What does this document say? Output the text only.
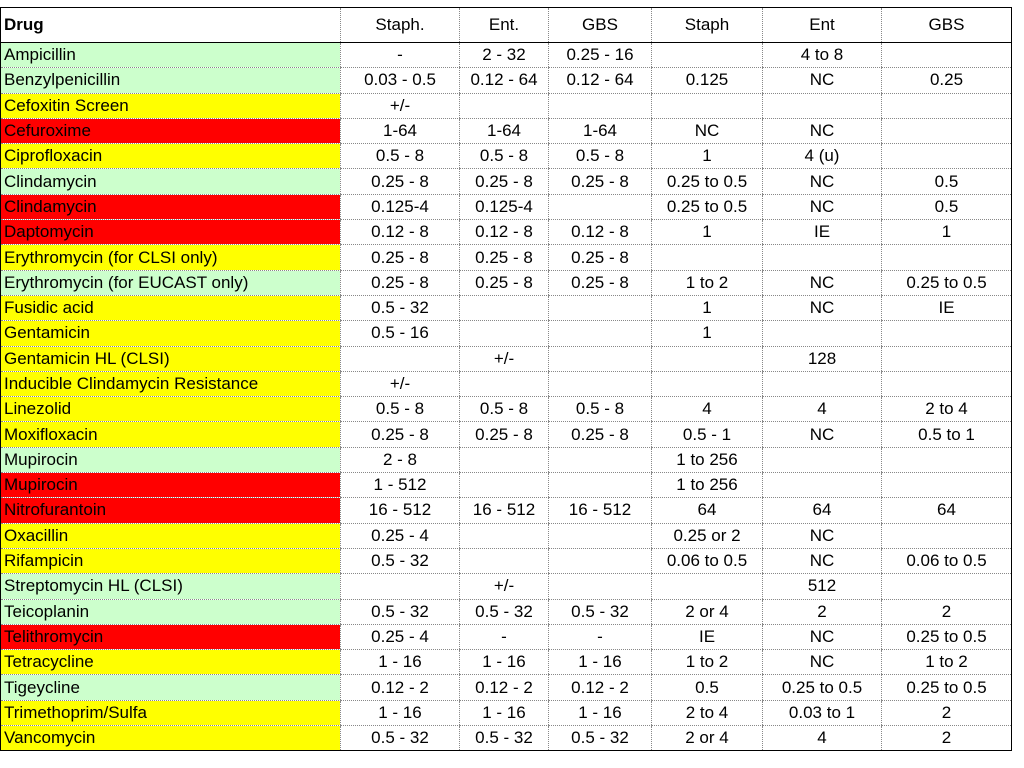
Drug	Staph.	Ent.	GBS	Staph	Ent	GBS
Ampicillin	-	2 - 32	0.25 - 16		4 to 8	
Benzylpenicillin	0.03 - 0.5	0.12 - 64	0.12 - 64	0.125	NC	0.25
Cefoxitin Screen	+/-					
Cefuroxime	1-64	1-64	1-64	NC	NC	
Ciprofloxacin	0.5 - 8	0.5 - 8	0.5 - 8	1	4 (u)	
Clindamycin	0.25 - 8	0.25 - 8	0.25 - 8	0.25 to 0.5	NC	0.5
Clindamycin	0.125-4	0.125-4		0.25 to 0.5	NC	0.5
Daptomycin	0.12 - 8	0.12 - 8	0.12 - 8	1	IE	1
Erythromycin (for CLSI only)	0.25 - 8	0.25 - 8	0.25 - 8			
Erythromycin (for EUCAST only)	0.25 - 8	0.25 - 8	0.25 - 8	1 to 2	NC	0.25 to 0.5
Fusidic acid	0.5 - 32			1	NC	IE
Gentamicin	0.5 - 16			1		
Gentamicin HL (CLSI)		+/-			128	
Inducible Clindamycin Resistance	+/-					
Linezolid	0.5 - 8	0.5 - 8	0.5 - 8	4	4	2 to 4
Moxifloxacin	0.25 - 8	0.25 - 8	0.25 - 8	0.5 - 1	NC	0.5 to 1
Mupirocin	2 - 8			1 to 256		
Mupirocin	1 - 512			1 to 256		
Nitrofurantoin	16 - 512	16 - 512	16 - 512	64	64	64
Oxacillin	0.25 - 4			0.25 or 2	NC	
Rifampicin	0.5 - 32			0.06 to 0.5	NC	0.06 to 0.5
Streptomycin HL (CLSI)		+/-			512	
Teicoplanin	0.5 - 32	0.5 - 32	0.5 - 32	2 or 4	2	2
Telithromycin	0.25 - 4	-	-	IE	NC	0.25 to 0.5
Tetracycline	1 - 16	1 - 16	1 - 16	1 to 2	NC	1 to 2
Tigeycline	0.12 - 2	0.12 - 2	0.12 - 2	0.5	0.25 to 0.5	0.25 to 0.5
Trimethoprim/Sulfa	1 - 16	1 - 16	1 - 16	2 to 4	0.03 to 1	2
Vancomycin	0.5 - 32	0.5 - 32	0.5 - 32	2 or 4	4	2
